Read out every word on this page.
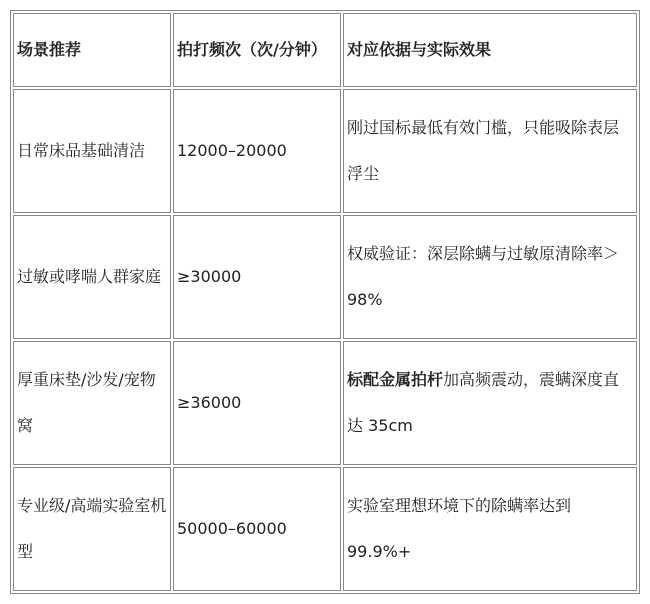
场景推荐	拍打频次（次/分钟）	对应依据与实际效果
日常床品基础清洁	12000–20000	刚过国标最低有效门槛，只能吸除表层浮尘
过敏或哮喘人群家庭	≥30000	权威验证：深层除螨与过敏原清除率＞98%
厚重床垫/沙发/宠物窝	≥36000	标配金属拍杆加高频震动，震螨深度直达 35cm
专业级/高端实验室机型	50000–60000	实验室理想环境下的除螨率达到99.9%+
